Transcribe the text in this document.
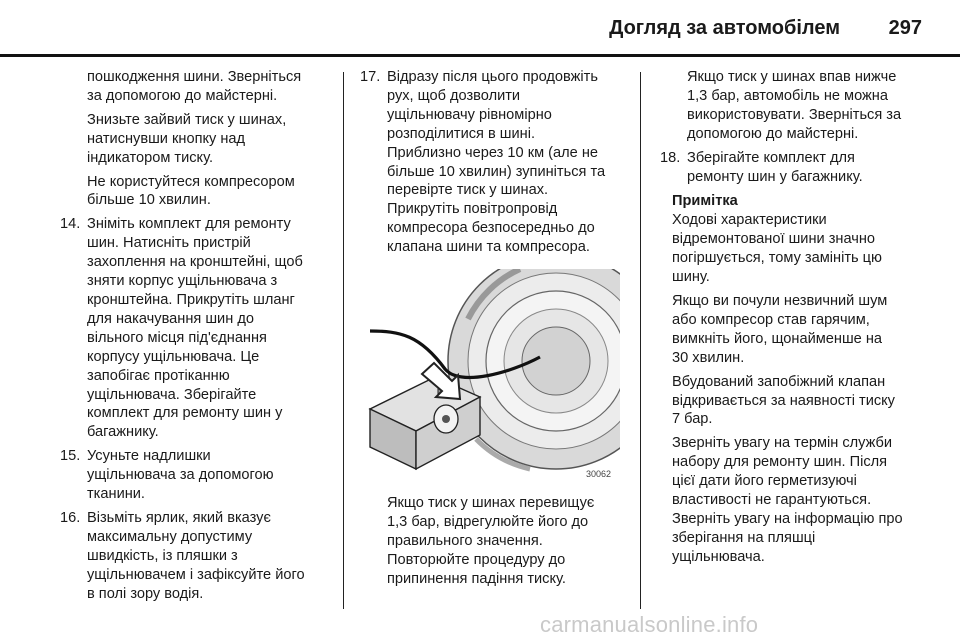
Догляд за автомобілем 297
пошкодження шини. Зверніться
за допомогою до майстерні.
Знизьте зайвий тиск у шинах,
натиснувши кнопку над
індикатором тиску.
Не користуйтеся компресором
більше 10 хвилин.
14. Зніміть комплект для ремонту
шин. Натисніть пристрій
захоплення на кронштейні, щоб
зняти корпус ущільнювача з
кронштейна. Прикрутіть шланг
для накачування шин до
вільного місця під'єднання
корпусу ущільнювача. Це
запобігає протіканню
ущільнювача. Зберігайте
комплект для ремонту шин у
багажнику.
15. Усуньте надлишки
ущільнювача за допомогою
тканини.
16. Візьміть ярлик, який вказує
максимальну допустиму
швидкість, із пляшки з
ущільнювачем і зафіксуйте його
в полі зору водія.
17. Відразу після цього продовжіть
рух, щоб дозволити
ущільнювачу рівномірно
розподілитися в шині.
Приблизно через 10 км (але не
більше 10 хвилин) зупиніться та
перевірте тиск у шинах.
Прикрутіть повітропровід
компресора безпосередньо до
клапана шини та компресора.
30062
Якщо тиск у шинах перевищує
1,3 бар, відрегулюйте його до
правильного значення.
Повторюйте процедуру до
припинення падіння тиску.
Якщо тиск у шинах впав нижче
1,3 бар, автомобіль не можна
використовувати. Зверніться за
допомогою до майстерні.
18. Зберігайте комплект для
ремонту шин у багажнику.
Примітка
Ходові характеристики
відремонтованої шини значно
погіршується, тому замініть цю
шину.
Якщо ви почули незвичний шум
або компресор став гарячим,
вимкніть його, щонайменше на
30 хвилин.
Вбудований запобіжний клапан
відкривається за наявності тиску
7 бар.
Зверніть увагу на термін служби
набору для ремонту шин. Після
цієї дати його герметизуючі
властивості не гарантуються.
Зверніть увагу на інформацію про
зберігання на пляшці
ущільнювача.
carmanualsonline.info
